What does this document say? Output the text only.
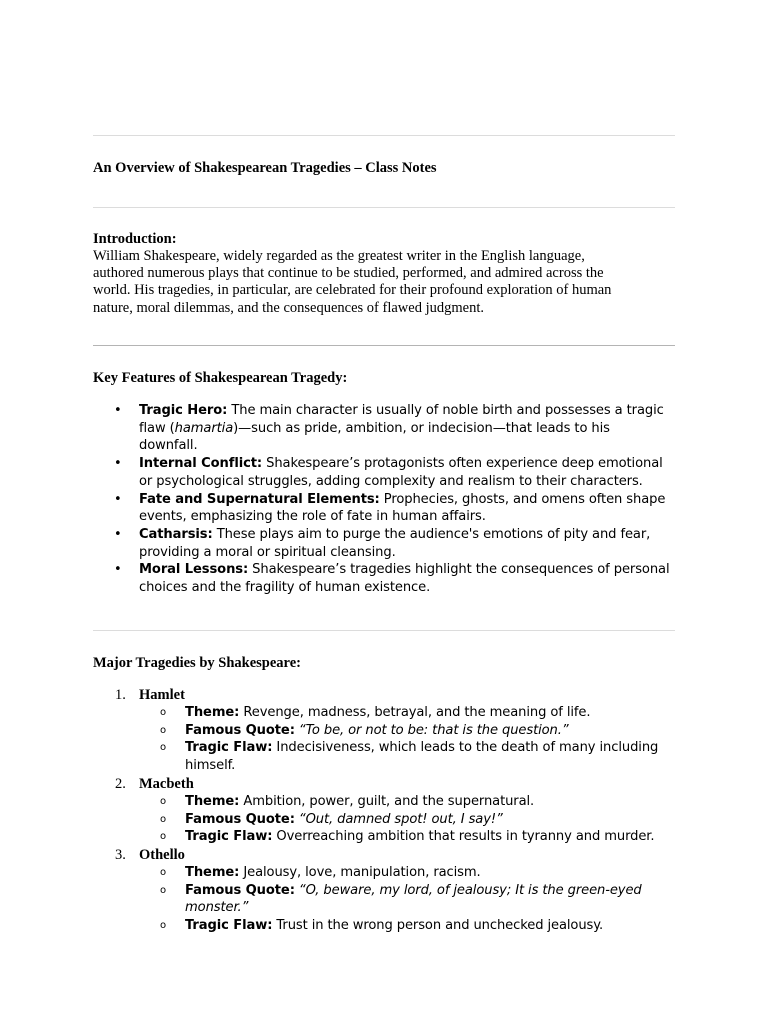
An Overview of Shakespearean Tragedies – Class Notes
Introduction:
William Shakespeare, widely regarded as the greatest writer in the English language,
authored numerous plays that continue to be studied, performed, and admired across the
world. His tragedies, in particular, are celebrated for their profound exploration of human
nature, moral dilemmas, and the consequences of flawed judgment.
Key Features of Shakespearean Tragedy:
• Tragic Hero: The main character is usually of noble birth and possesses a tragic
flaw (hamartia)—such as pride, ambition, or indecision—that leads to his
downfall.
• Internal Conflict: Shakespeare’s protagonists often experience deep emotional
or psychological struggles, adding complexity and realism to their characters.
• Fate and Supernatural Elements: Prophecies, ghosts, and omens often shape
events, emphasizing the role of fate in human affairs.
• Catharsis: These plays aim to purge the audience's emotions of pity and fear,
providing a moral or spiritual cleansing.
• Moral Lessons: Shakespeare’s tragedies highlight the consequences of personal
choices and the fragility of human existence.
Major Tragedies by Shakespeare:
1. Hamlet
o Theme: Revenge, madness, betrayal, and the meaning of life.
o Famous Quote: “To be, or not to be: that is the question.”
o Tragic Flaw: Indecisiveness, which leads to the death of many including
himself.
2. Macbeth
o Theme: Ambition, power, guilt, and the supernatural.
o Famous Quote: “Out, damned spot! out, I say!”
o Tragic Flaw: Overreaching ambition that results in tyranny and murder.
3. Othello
o Theme: Jealousy, love, manipulation, racism.
o Famous Quote: “O, beware, my lord, of jealousy; It is the green-eyed
monster.”
o Tragic Flaw: Trust in the wrong person and unchecked jealousy.
